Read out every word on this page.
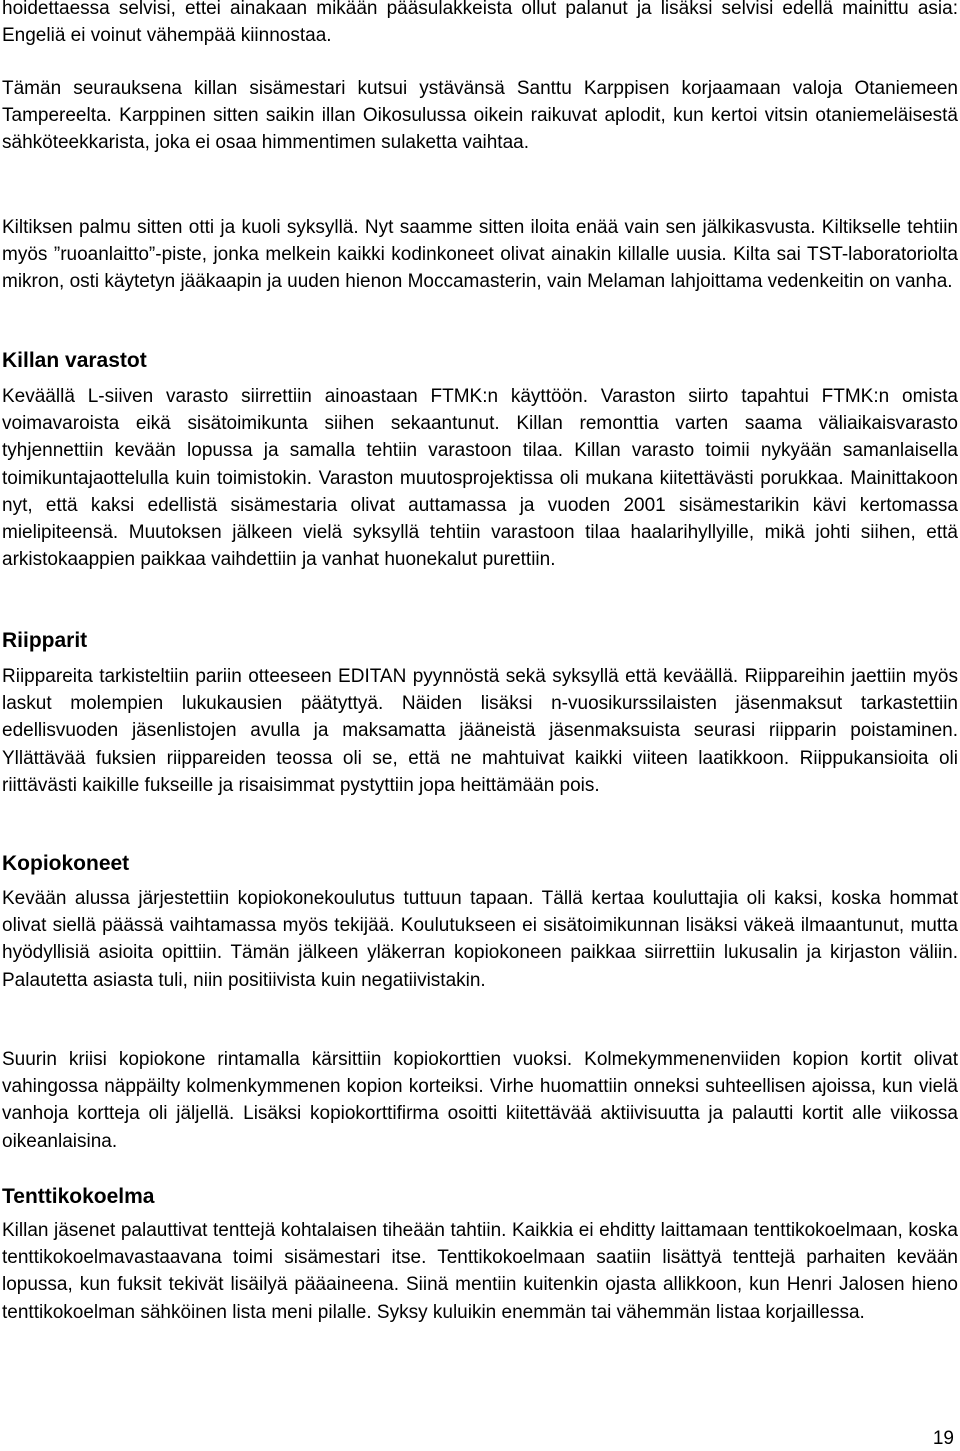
hoidettaessa selvisi, ettei ainakaan mikään pääsulakkeista ollut palanut ja lisäksi selvisi edellä mainittu asia: Engeliä ei voinut vähempää kiinnostaa.

Tämän seurauksena killan sisämestari kutsui ystävänsä Santtu Karppisen korjaamaan valoja Otaniemeen Tampereelta. Karppinen sitten saikin illan Oikosulussa oikein raikuvat aplodit, kun kertoi vitsin otaniemeläisestä sähköteekkarista, joka ei osaa himmentimen sulaketta vaihtaa.

Kiltiksen palmu sitten otti ja kuoli syksyllä. Nyt saamme sitten iloita enää vain sen jälkikasvusta. Kiltikselle tehtiin myös ”ruoanlaitto”-piste, jonka melkein kaikki kodinkoneet olivat ainakin killalle uusia. Kilta sai TST-laboratoriolta mikron, osti käytetyn jääkaapin ja uuden hienon Moccamasterin, vain Melaman lahjoittama vedenkeitin on vanha.

Killan varastot

Keväällä L-siiven varasto siirrettiin ainoastaan FTMK:n käyttöön. Varaston siirto tapahtui FTMK:n omista voimavaroista eikä sisätoimikunta siihen sekaantunut. Killan remonttia varten saama väliaikaisvarasto tyhjennettiin kevään lopussa ja samalla tehtiin varastoon tilaa. Killan varasto toimii nykyään samanlaisella toimikuntajaottelulla kuin toimistokin. Varaston muutosprojektissa oli mukana kiitettävästi porukkaa. Mainittakoon nyt, että kaksi edellistä sisämestaria olivat auttamassa ja vuoden 2001 sisämestarikin kävi kertomassa mielipiteensä. Muutoksen jälkeen vielä syksyllä tehtiin varastoon tilaa haalarihyllyille, mikä johti siihen, että arkistokaappien paikkaa vaihdettiin ja vanhat huonekalut purettiin.

Riipparit

Riippareita tarkisteltiin pariin otteeseen EDITAN pyynnöstä sekä syksyllä että keväällä. Riippareihin jaettiin myös laskut molempien lukukausien päätyttyä. Näiden lisäksi n-vuosikurssilaisten jäsenmaksut tarkastettiin edellisvuoden jäsenlistojen avulla ja maksamatta jääneistä jäsenmaksuista seurasi riipparin poistaminen. Yllättävää fuksien riippareiden teossa oli se, että ne mahtuivat kaikki viiteen laatikkoon. Riippukansioita oli riittävästi kaikille fukseille ja risaisimmat pystyttiin jopa heittämään pois.

Kopiokoneet

Kevään alussa järjestettiin kopiokonekoulutus tuttuun tapaan. Tällä kertaa kouluttajia oli kaksi, koska hommat olivat siellä päässä vaihtamassa myös tekijää. Koulutukseen ei sisätoimikunnan lisäksi väkeä ilmaantunut, mutta hyödyllisiä asioita opittiin. Tämän jälkeen yläkerran kopiokoneen paikkaa siirrettiin lukusalin ja kirjaston väliin. Palautetta asiasta tuli, niin positiivista kuin negatiivistakin.

Suurin kriisi kopiokone rintamalla kärsittiin kopiokorttien vuoksi. Kolmekymmenenviiden kopion kortit olivat vahingossa näppäilty kolmenkymmenen kopion korteiksi. Virhe huomattiin onneksi suhteellisen ajoissa, kun vielä vanhoja kortteja oli jäljellä. Lisäksi kopiokorttifirma osoitti kiitettävää aktiivisuutta ja palautti kortit alle viikossa oikeanlaisina.

Tenttikokoelma

Killan jäsenet palauttivat tenttejä kohtalaisen tiheään tahtiin. Kaikkia ei ehditty laittamaan tenttikokoelmaan, koska tenttikokoelmavastaavana toimi sisämestari itse. Tenttikokoelmaan saatiin lisättyä tenttejä parhaiten kevään lopussa, kun fuksit tekivät lisäilyä pääaineena. Siinä mentiin kuitenkin ojasta allikkoon, kun Henri Jalosen hieno tenttikokoelman sähköinen lista meni pilalle. Syksy kuluikin enemmän tai vähemmän listaa korjaillessa.

19
